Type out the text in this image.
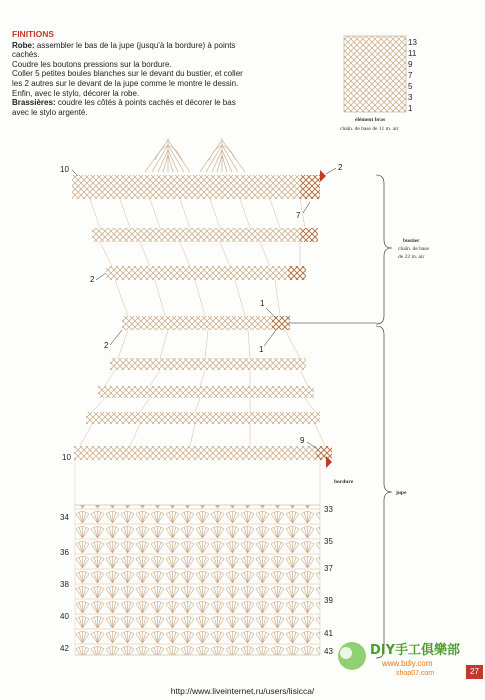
FINITIONS

Robe: assembler le bas de la jupe (jusqu'à la bordure) à points cachés.

Coudre les boutons pressions sur la bordure.

Coller 5 petites boules blanches sur le devant du bustier, et coller les 2 autres sur le devant de la jupe comme le montre le dessin.

Enfin, avec le stylo, décorer la robe.

Brassières: coudre les côtés à points cachés et décorer le bas avec le stylo argenté.

13
11
9
7
5
3
1
élément bras
chaîn. de base de 11 m. air
10
2
2
10
2
7
1
1
9
bustier
chaîn. de base
de 22 m. air
bordure
jupe
34
36
38
40
42
33
35
37
39
41
43	DIY手工俱樂部
www.bdiy.com
shop07.com	27
http://www.liveinternet.ru/users/lisicca/
